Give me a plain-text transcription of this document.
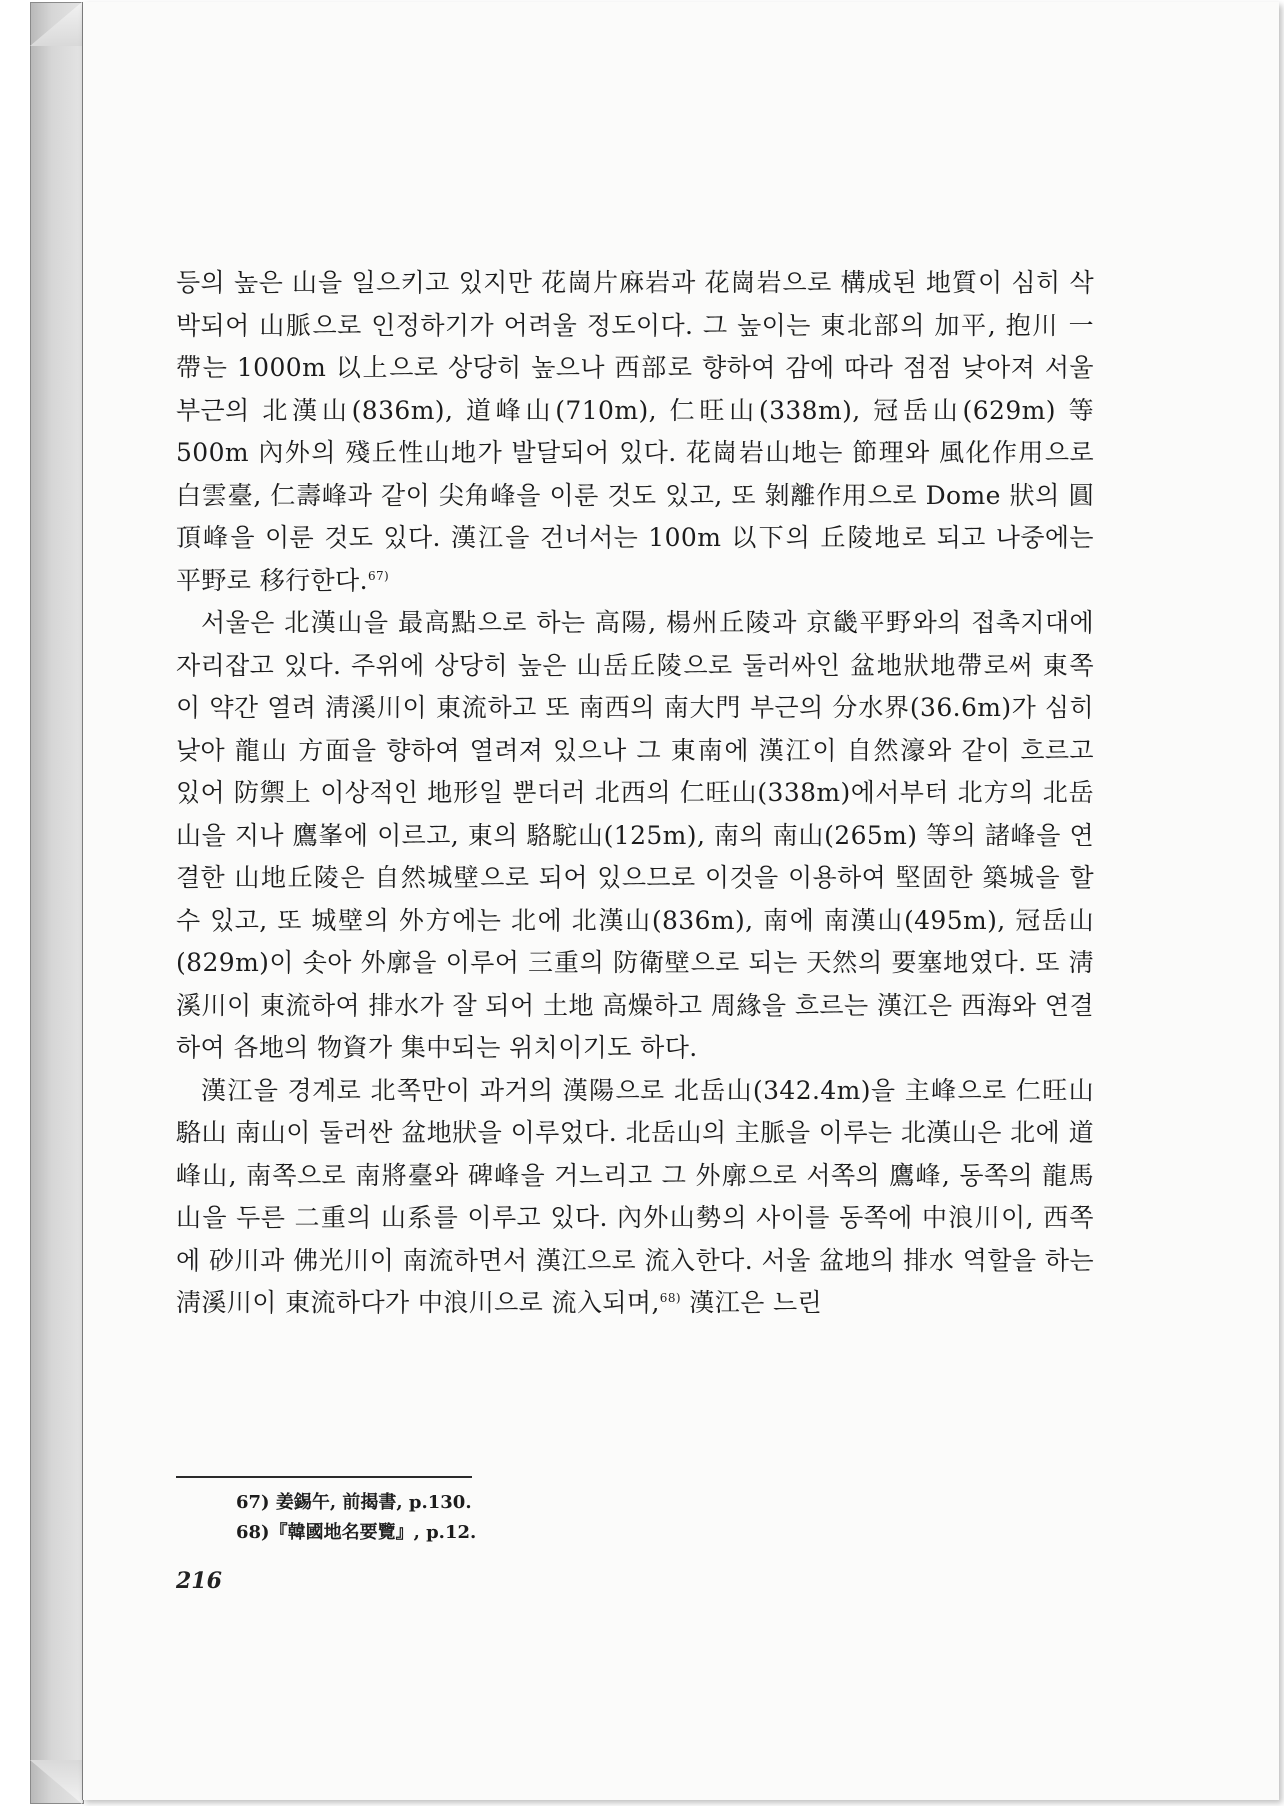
등의 높은 山을 일으키고 있지만 花崗片麻岩과 花崗岩으로 構成된 地質이 심히 삭박되어 山脈으로 인정하기가 어려울 정도이다. 그 높이는 東北部의 加平, 抱川 一帶는 1000m 以上으로 상당히 높으나 西部로 향하여 감에 따라 점점 낮아져 서울 부근의 北漢山(836m), 道峰山(710m), 仁旺山(338m), 冠岳山(629m) 等 500m 內外의 殘丘性山地가 발달되어 있다. 花崗岩山地는 節理와 風化作用으로 白雲臺, 仁壽峰과 같이 尖角峰을 이룬 것도 있고, 또 剝離作用으로 Dome 狀의 圓頂峰을 이룬 것도 있다. 漢江을 건너서는 100m 以下의 丘陵地로 되고 나중에는 平野로 移行한다.$^{67)}$

서울은 北漢山을 最高點으로 하는 高陽, 楊州丘陵과 京畿平野와의 접촉지대에 자리잡고 있다. 주위에 상당히 높은 山岳丘陵으로 둘러싸인 盆地狀地帶로써 東쪽이 약간 열려 淸溪川이 東流하고 또 南西의 南大門 부근의 分水界(36.6m)가 심히 낮아 龍山 方面을 향하여 열려져 있으나 그 東南에 漢江이 自然濠와 같이 흐르고 있어 防禦上 이상적인 地形일 뿐더러 北西의 仁旺山(338m)에서부터 北方의 北岳山을 지나 鷹峯에 이르고, 東의 駱駝山(125m), 南의 南山(265m) 等의 諸峰을 연결한 山地丘陵은 自然城壁으로 되어 있으므로 이것을 이용하여 堅固한 築城을 할 수 있고, 또 城壁의 外方에는 北에 北漢山(836m), 南에 南漢山(495m), 冠岳山(829m)이 솟아 外廓을 이루어 三重의 防衛壁으로 되는 天然의 要塞地였다. 또 淸溪川이 東流하여 排水가 잘 되어 土地 高燥하고 周緣을 흐르는 漢江은 西海와 연결하여 各地의 物資가 集中되는 위치이기도 하다.

漢江을 경계로 北쪽만이 과거의 漢陽으로 北岳山(342.4m)을 主峰으로 仁旺山 駱山 南山이 둘러싼 盆地狀을 이루었다. 北岳山의 主脈을 이루는 北漢山은 北에 道峰山, 南쪽으로 南將臺와 碑峰을 거느리고 그 外廓으로 서쪽의 鷹峰, 동쪽의 龍馬山을 두른 二重의 山系를 이루고 있다. 內外山勢의 사이를 동쪽에 中浪川이, 西쪽에 砂川과 佛光川이 南流하면서 漢江으로 流入한다. 서울 盆地의 排水 역할을 하는 淸溪川이 東流하다가 中浪川으로 流入되며,$^{68)}$ 漢江은 느린

67) 姜錫午, 前揭書, p.130.
68)『韓國地名要覽』, p.12.
216
